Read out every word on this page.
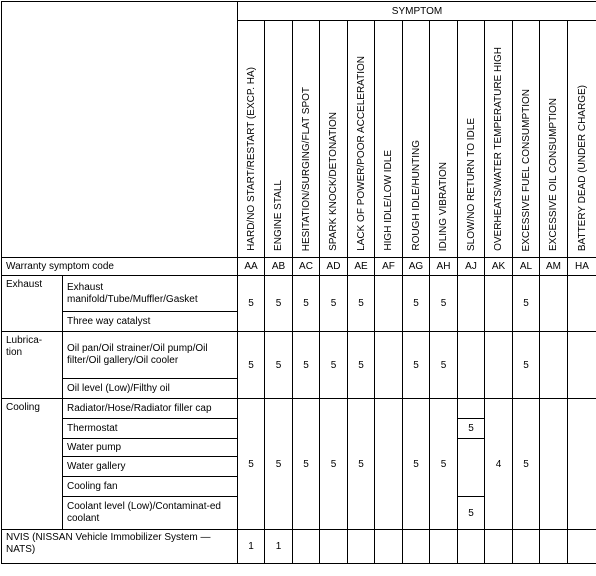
		SYMPTOM												

		HARD/NO START/RESTART (EXCP. HA)	ENGINE STALL	HESITATION/SURGING/FLAT SPOT	SPARK KNOCK/DETONATION	LACK OF POWER/POOR ACCELERATION	HIGH IDLE/LOW IDLE	ROUGH IDLE/HUNTING	IDLING VIBRATION	SLOW/NO RETURN TO IDLE	OVERHEATS/WATER TEMPERATURE HIGH	EXCESSIVE FUEL CONSUMPTION	EXCESSIVE OIL CONSUMPTION	BATTERY DEAD (UNDER CHARGE)

Warranty symptom code		AA	AB	AC	AD	AE	AF	AG	AH	AJ	AK	AL	AM	HA
Exhaust	Exhaust manifold/Tube/Muffler/Gasket	5	5	5	5	5		5	5			5		
	Three way catalyst													
Lubrica-tion	Oil pan/Oil strainer/Oil pump/Oil filter/Oil gallery/Oil cooler	5	5	5	5	5		5	5			5		
	Oil level (Low)/Filthy oil													
Cooling	Radiator/Hose/Radiator filler cap	5	5	5	5	5		5	5		4	5		
	Thermostat									5				
	Water pump													
	Water gallery													
	Cooling fan													
	Coolant level (Low)/Contaminat-ed coolant									5				
NVIS (NISSAN Vehicle Immobilizer System — NATS)		1	1											
